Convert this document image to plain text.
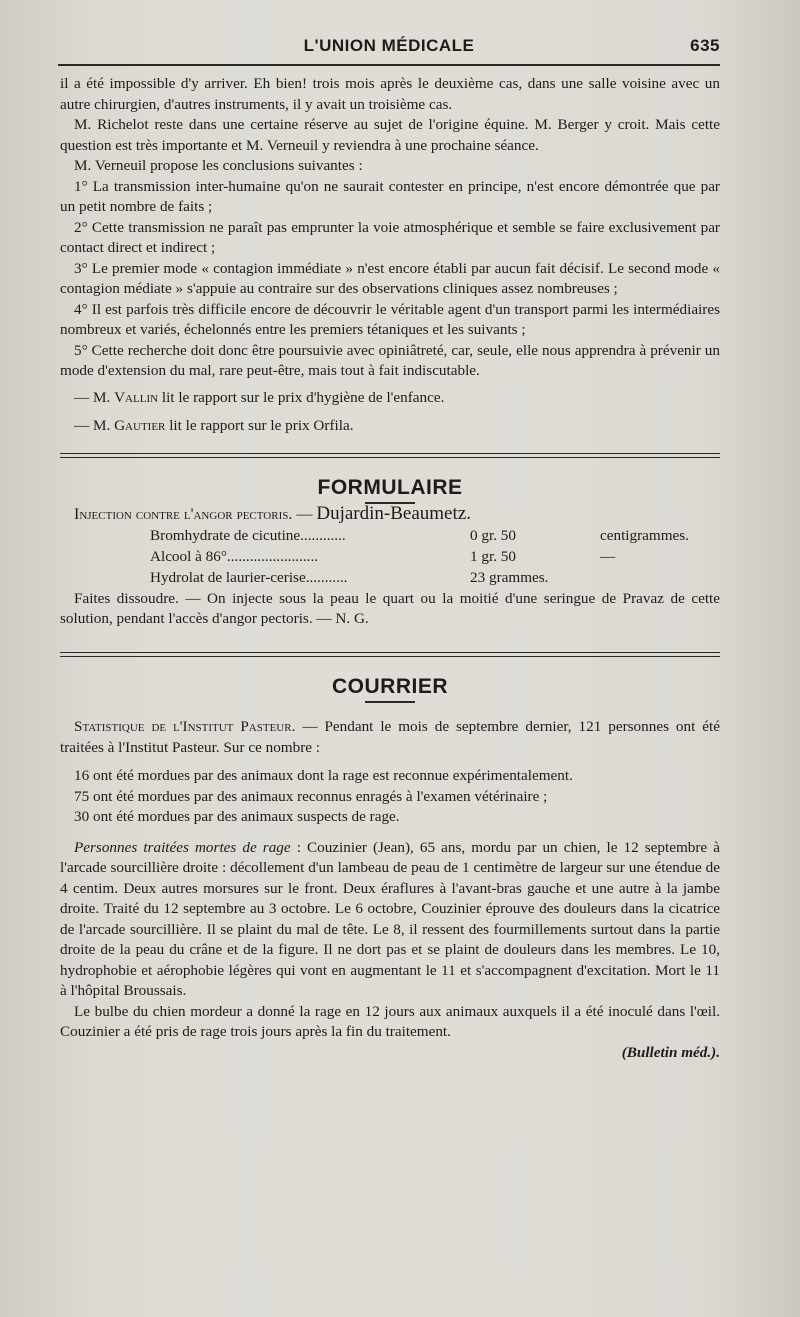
L'UNION MÉDICALE	635

il a été impossible d'y arriver. Eh bien! trois mois après le deuxième cas, dans une salle voisine avec un autre chirurgien, d'autres instruments, il y avait un troisième cas.

M. Richelot reste dans une certaine réserve au sujet de l'origine équine. M. Berger y croit. Mais cette question est très importante et M. Verneuil y reviendra à une prochaine séance.

M. Verneuil propose les conclusions suivantes :

1° La transmission inter-humaine qu'on ne saurait contester en principe, n'est encore démontrée que par un petit nombre de faits ;

2° Cette transmission ne paraît pas emprunter la voie atmosphérique et semble se faire exclusivement par contact direct et indirect ;

3° Le premier mode « contagion immédiate » n'est encore établi par aucun fait décisif. Le second mode « contagion médiate » s'appuie au contraire sur des observations cliniques assez nombreuses ;

4° Il est parfois très difficile encore de découvrir le véritable agent d'un transport parmi les intermédiaires nombreux et variés, échelonnés entre les premiers tétaniques et les suivants ;

5° Cette recherche doit donc être poursuivie avec opiniâtreté, car, seule, elle nous apprendra à prévenir un mode d'extension du mal, rare peut-être, mais tout à fait indiscutable.

— M. Vallin lit le rapport sur le prix d'hygiène de l'enfance.

— M. Gautier lit le rapport sur le prix Orfila.

FORMULAIRE

Injection contre l'angor pectoris. — Dujardin-Beaumetz.

Bromhydrate de cicutine............	0 gr. 50	centigrammes.
Alcool à 86°........................	1 gr. 50	—
Hydrolat de laurier-cerise...........	23 grammes.

Faites dissoudre. — On injecte sous la peau le quart ou la moitié d'une seringue de Pravaz de cette solution, pendant l'accès d'angor pectoris. — N. G.

COURRIER

Statistique de l'Institut Pasteur. — Pendant le mois de septembre dernier, 121 personnes ont été traitées à l'Institut Pasteur. Sur ce nombre :

16 ont été mordues par des animaux dont la rage est reconnue expérimentalement.

75 ont été mordues par des animaux reconnus enragés à l'examen vétérinaire ;

30 ont été mordues par des animaux suspects de rage.

Personnes traitées mortes de rage : Couzinier (Jean), 65 ans, mordu par un chien, le 12 septembre à l'arcade sourcillière droite : décollement d'un lambeau de peau de 1 centimètre de largeur sur une étendue de 4 centim. Deux autres morsures sur le front. Deux éraflures à l'avant-bras gauche et une autre à la jambe droite. Traité du 12 septembre au 3 octobre. Le 6 octobre, Couzinier éprouve des douleurs dans la cicatrice de l'arcade sourcillière. Il se plaint du mal de tête. Le 8, il ressent des fourmillements surtout dans la partie droite de la peau du crâne et de la figure. Il ne dort pas et se plaint de douleurs dans les membres. Le 10, hydrophobie et aérophobie légères qui vont en augmentant le 11 et s'accompagnent d'excitation. Mort le 11 à l'hôpital Broussais.

Le bulbe du chien mordeur a donné la rage en 12 jours aux animaux auxquels il a été inoculé dans l'œil. Couzinier a été pris de rage trois jours après la fin du traitement.

(Bulletin méd.).
